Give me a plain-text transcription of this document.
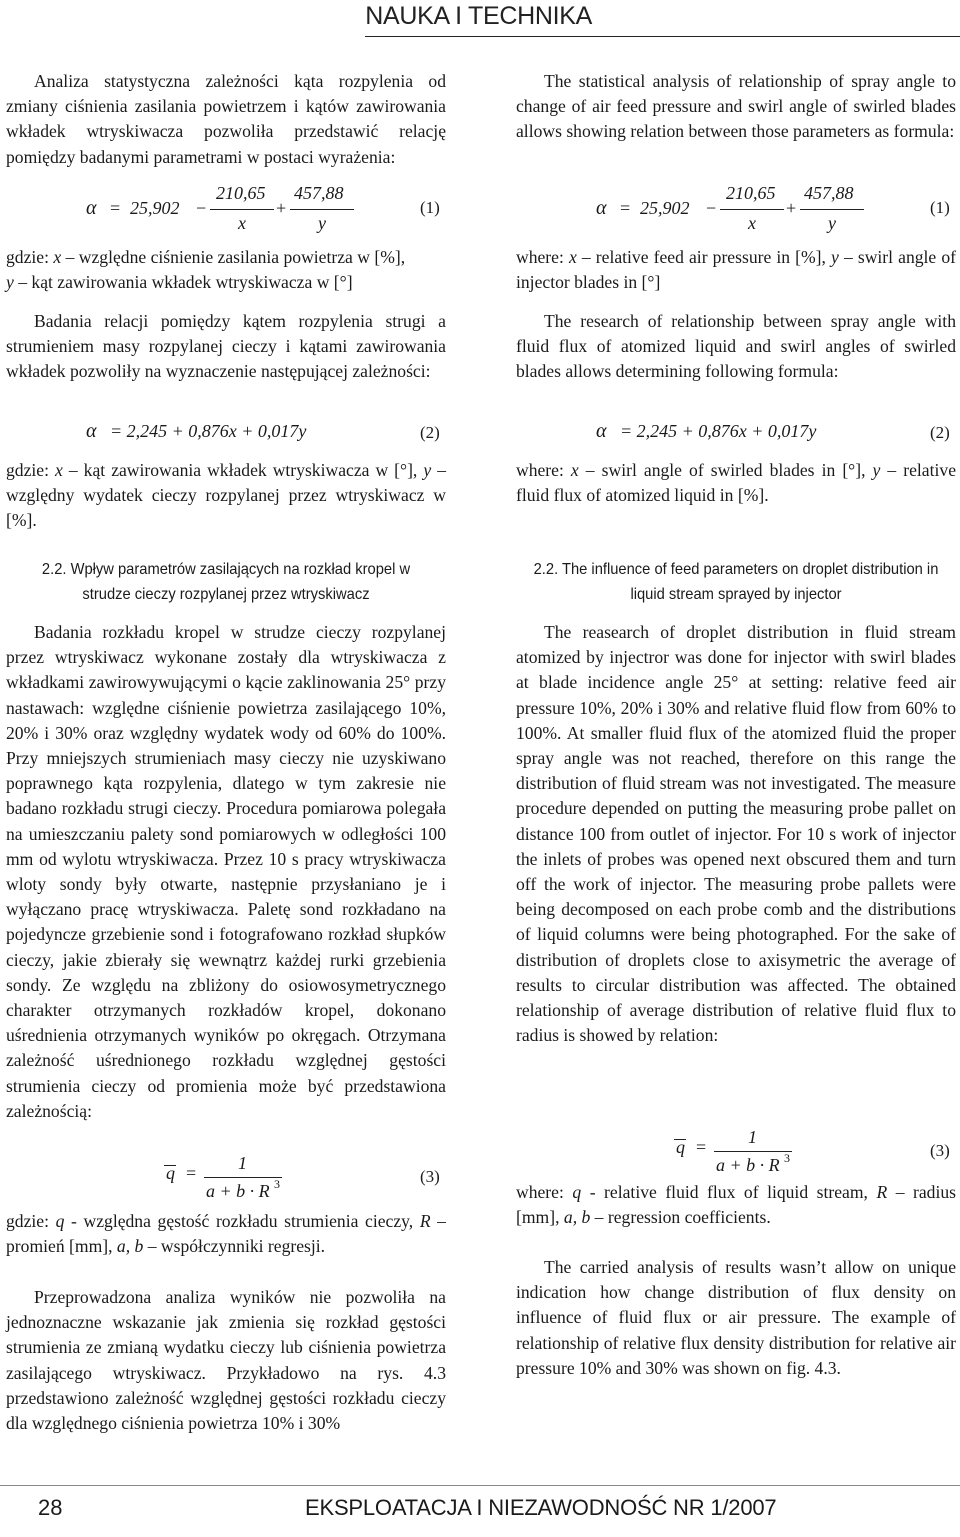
NAUKA I TECHNIKA
Analiza statystyczna zależności kąta rozpylenia od zmiany ciśnienia zasilania powietrzem i kątów zawirowania wkładek wtryskiwacza pozwoliła przedstawić relację pomiędzy badanymi parametrami w postaci wyrażenia:
α = 25,902 −
210,65
x
+
457,88
y
(1)
gdzie: x – względne ciśnienie zasilania powietrza w [%],
y – kąt zawirowania wkładek wtryskiwacza w [°]
Badania relacji pomiędzy kątem rozpylenia strugi a strumieniem masy rozpylanej cieczy i kątami zawirowania wkładek pozwoliły na wyznaczenie następującej zależności:
α = 2,245 + 0,876x + 0,017y	(2)
gdzie: x – kąt zawirowania wkładek wtryskiwacza w [°], y – względny wydatek cieczy rozpylanej przez wtryskiwacz w [%].
2.2. Wpływ parametrów zasilających na rozkład kropel w strudze cieczy rozpylanej przez wtryskiwacz
Badania rozkładu kropel w strudze cieczy rozpylanej przez wtryskiwacz wykonane zostały dla wtryskiwacza z wkładkami zawirowywującymi o kącie zaklinowania 25° przy nastawach: względne ciśnienie powietrza zasilającego 10%, 20% i 30% oraz względny wydatek wody od 60% do 100%. Przy mniejszych strumieniach masy cieczy nie uzyskiwano poprawnego kąta rozpylenia, dlatego w tym zakresie nie badano rozkładu strugi cieczy. Procedura pomiarowa polegała na umieszczaniu palety sond pomiarowych w odległości 100 mm od wylotu wtryskiwacza. Przez 10 s pracy wtryskiwacza wloty sondy były otwarte, następnie przysłaniano je i wyłączano pracę wtryskiwacza. Paletę sond rozkładano na pojedyncze grzebienie sond i fotografowano rozkład słupków cieczy, jakie zbierały się wewnątrz każdej rurki grzebienia sondy. Ze względu na zbliżony do osiowosymetrycznego charakter otrzymanych rozkładów kropel, dokonano uśrednienia otrzymanych wyników po okręgach. Otrzymana zależność uśrednionego rozkładu względnej gęstości strumienia cieczy od promienia może być przedstawiona zależnością:
q = 1
a + b · R 3	(3)
gdzie: q - względna gęstość rozkładu strumienia cieczy, R – promień [mm], a, b – współczynniki regresji.
Przeprowadzona analiza wyników nie pozwoliła na jednoznaczne wskazanie jak zmienia się rozkład gęstości strumienia ze zmianą wydatku cieczy lub ciśnienia powietrza zasilającego wtryskiwacz. Przykładowo na rys. 4.3 przedstawiono zależność względnej gęstości rozkładu cieczy dla względnego ciśnienia powietrza 10% i 30%
The statistical analysis of relationship of spray angle to change of air feed pressure and swirl angle of swirled blades allows showing relation between those parameters as formula:
α = 25,902 −
210,65
x
+
457,88
y
(1)
where: x – relative feed air pressure in [%], y – swirl angle of injector blades in [°]
The research of relationship between spray angle with fluid flux of atomized liquid and swirl angles of swirled blades allows determining following formula:
α = 2,245 + 0,876x + 0,017y	(2)
where: x – swirl angle of swirled blades in [°], y – relative fluid flux of atomized liquid in [%].
2.2. The influence of feed parameters on droplet distribution in liquid stream sprayed by injector
The reasearch of droplet distribution in fluid stream atomized by injectror was done for injector with swirl blades at blade incidence angle 25° at setting: relative feed air pressure 10%, 20% i 30% and relative fluid flow from 60% to 100%. At smaller fluid flux of the atomized fluid the proper spray angle was not reached, therefore on this range the distribution of fluid stream was not investigated. The measure procedure depended on putting the measuring probe pallet on distance 100 from outlet of injector. For 10 s work of injector the inlets of probes was opened next obscured them and turn off the work of injector. The measuring probe pallets were being decomposed on each probe comb and the distributions of liquid columns were being photographed. For the sake of distribution of droplets close to axisymetric the average of results to circular distribution was affected. The obtained relationship of average distribution of relative fluid flux to radius is showed by relation:
q = 1
a + b · R 3	(3)
where: q - relative fluid flux of liquid stream, R – radius [mm], a, b – regression coefficients.
The carried analysis of results wasn’t allow on unique indication how change distribution of flux density on influence of fluid flux or air pressure. The example of relationship of relative flux density distribution for relative air pressure 10% and 30% was shown on fig. 4.3.
28	EKSPLOATACJA I NIEZAWODNOŚĆ NR 1/2007
